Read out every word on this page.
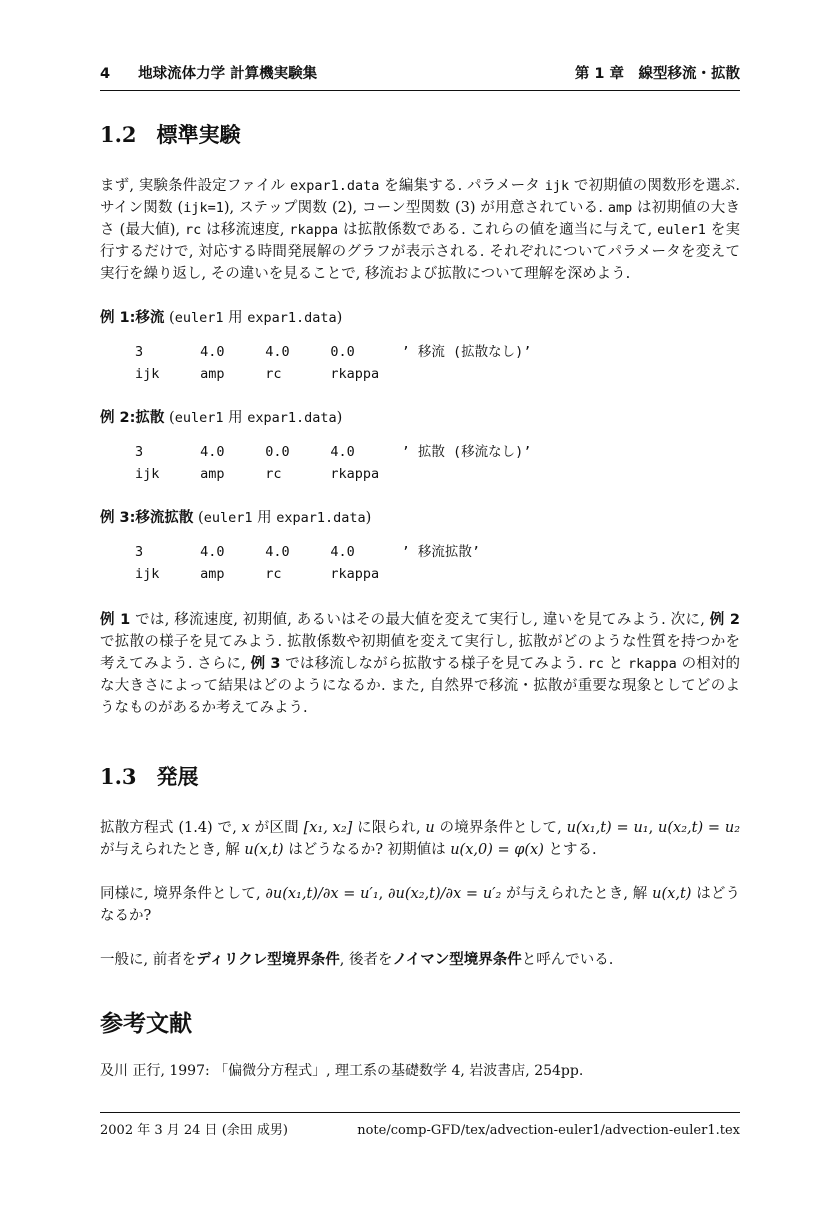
4 地球流体力学 計算機実験集	第 1 章　線型移流・拡散
1.2 標準実験
まず, 実験条件設定ファイル expar1.data を編集する. パラメータ ijk で初期値の関数形を選ぶ. サイン関数 (ijk=1), ステップ関数 (2), コーン型関数 (3) が用意されている. amp は初期値の大きさ (最大値), rc は移流速度, rkappa は拡散係数である. これらの値を適当に与えて, euler1 を実行するだけで, 対応する時間発展解のグラフが表示される. それぞれについてパラメータを変えて実行を繰り返し, その違いを見ることで, 移流および拡散について理解を深めよう.
例 1:移流 (euler1 用 expar1.data)
3	4.0	4.0	0.0	’ 移流 (拡散なし)’
ijk	amp	rc	rkappa
例 2:拡散 (euler1 用 expar1.data)
3	4.0	0.0	4.0	’ 拡散 (移流なし)’
ijk	amp	rc	rkappa
例 3:移流拡散 (euler1 用 expar1.data)
3	4.0	4.0	4.0	’ 移流拡散’
ijk	amp	rc	rkappa
例 1 では, 移流速度, 初期値, あるいはその最大値を変えて実行し, 違いを見てみよう. 次に, 例 2 で拡散の様子を見てみよう. 拡散係数や初期値を変えて実行し, 拡散がどのような性質を持つかを考えてみよう. さらに, 例 3 では移流しながら拡散する様子を見てみよう. rc と rkappa の相対的な大きさによって結果はどのようになるか. また, 自然界で移流・拡散が重要な現象としてどのようなものがあるか考えてみよう.
1.3 発展
拡散方程式 (1.4) で, x が区間 [x₁, x₂] に限られ, u の境界条件として, u(x₁,t) = u₁, u(x₂,t) = u₂ が与えられたとき, 解 u(x,t) はどうなるか? 初期値は u(x,0) = φ(x) とする.
同様に, 境界条件として, ∂u(x₁,t)/∂x = u′₁, ∂u(x₂,t)/∂x = u′₂ が与えられたとき, 解 u(x,t) はどうなるか?
一般に, 前者をディリクレ型境界条件, 後者をノイマン型境界条件と呼んでいる.
参考文献
及川 正行, 1997: 「偏微分方程式」, 理工系の基礎数学 4, 岩波書店, 254pp.
2002 年 3 月 24 日 (余田 成男)	note/comp-GFD/tex/advection-euler1/advection-euler1.tex
